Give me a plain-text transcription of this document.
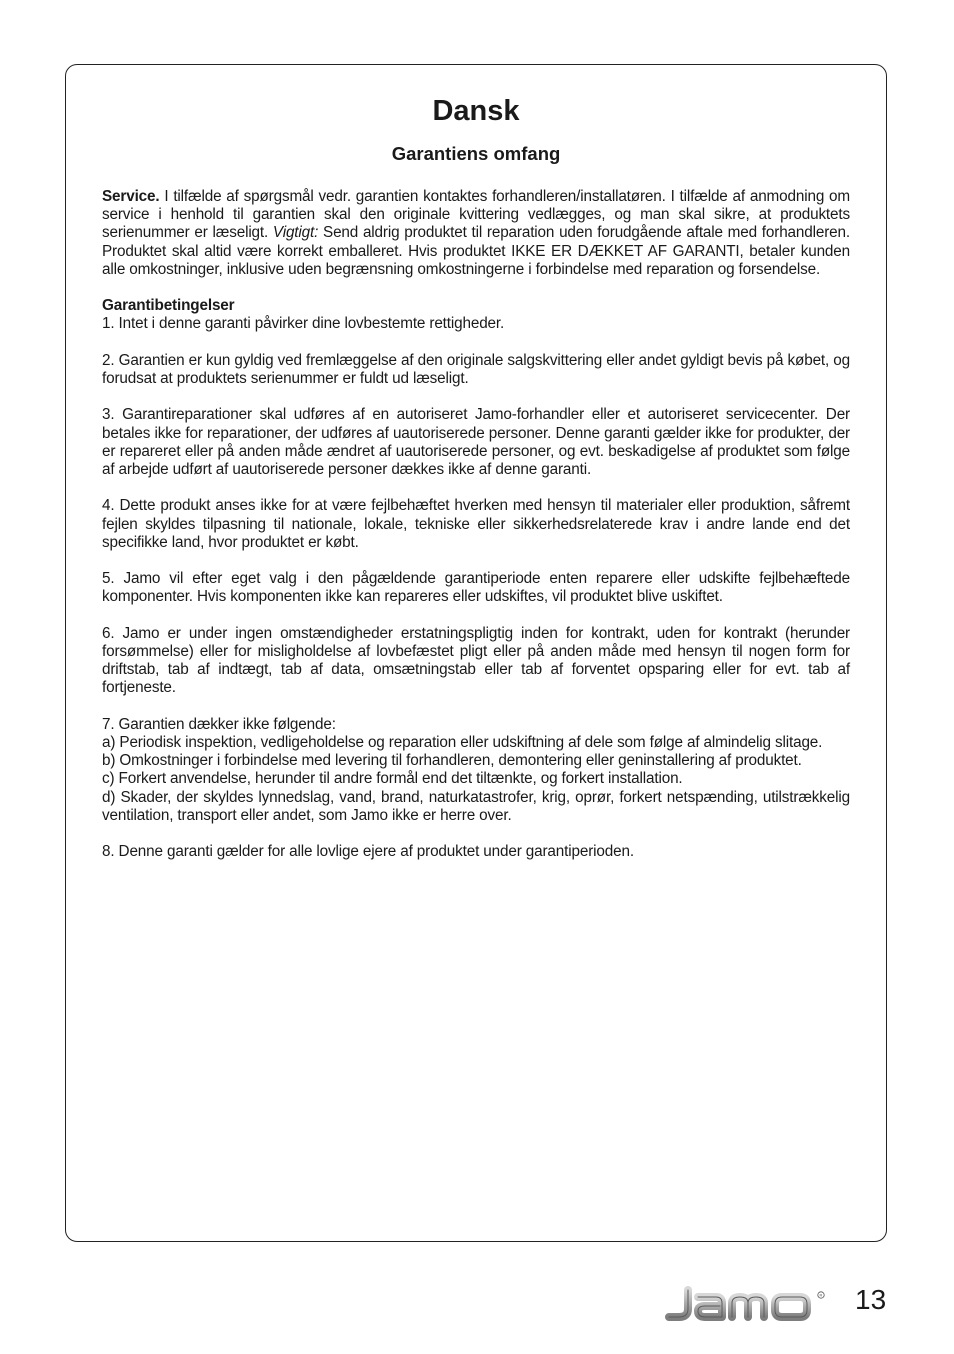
Dansk
Garantiens omfang

Service. I tilfælde af spørgsmål vedr. garantien kontaktes forhandleren/installatøren. I tilfælde af anmodning om service i henhold til garantien skal den originale kvittering vedlægges, og man skal sikre, at produktets serienummer er læseligt. Vigtigt: Send aldrig produktet til reparation uden forudgående aftale med forhandleren. Produktet skal altid være korrekt emballeret. Hvis produktet IKKE ER DÆKKET AF GARANTI, betaler kunden alle omkostninger, inklusive uden begrænsning omkostningerne i forbindelse med reparation og forsendelse.

Garantibetingelser
1. Intet i denne garanti påvirker dine lovbestemte rettigheder.

2. Garantien er kun gyldig ved fremlæggelse af den originale salgskvittering eller andet gyldigt bevis på købet, og forudsat at produktets serienummer er fuldt ud læseligt.

3. Garantireparationer skal udføres af en autoriseret Jamo-forhandler eller et autoriseret servicecenter. Der betales ikke for reparationer, der udføres af uautoriserede personer. Denne garanti gælder ikke for produkter, der er repareret eller på anden måde ændret af uautoriserede personer, og evt. beskadigelse af produktet som følge af arbejde udført af uautoriserede personer dækkes ikke af denne garanti.

4. Dette produkt anses ikke for at være fejlbehæftet hverken med hensyn til materialer eller produktion, såfremt fejlen skyldes tilpasning til nationale, lokale, tekniske eller sikkerhedsrelaterede krav i andre lande end det specifikke land, hvor produktet er købt.

5. Jamo vil efter eget valg i den pågældende garantiperiode enten reparere eller udskifte fejlbehæftede komponenter. Hvis komponenten ikke kan repareres eller udskiftes, vil produktet blive uskiftet.

6. Jamo er under ingen omstændigheder erstatningspligtig inden for kontrakt, uden for kontrakt (herunder forsømmelse) eller for misligholdelse af lovbefæstet pligt eller på anden måde med hensyn til nogen form for driftstab, tab af indtægt, tab af data, omsætningstab eller tab af forventet opsparing eller for evt. tab af fortjeneste.

7. Garantien dækker ikke følgende:
a) Periodisk inspektion, vedligeholdelse og reparation eller udskiftning af dele som følge af almindelig slitage.
b) Omkostninger i forbindelse med levering til forhandleren, demontering eller geninstallering af produktet.
c) Forkert anvendelse, herunder til andre formål end det tiltænkte, og forkert installation.
d) Skader, der skyldes lynnedslag, vand, brand, naturkatastrofer, krig, oprør, forkert netspænding, utilstrækkelig ventilation, transport eller andet, som Jamo ikke er herre over.

8. Denne garanti gælder for alle lovlige ejere af produktet under garantiperioden.

R 13
